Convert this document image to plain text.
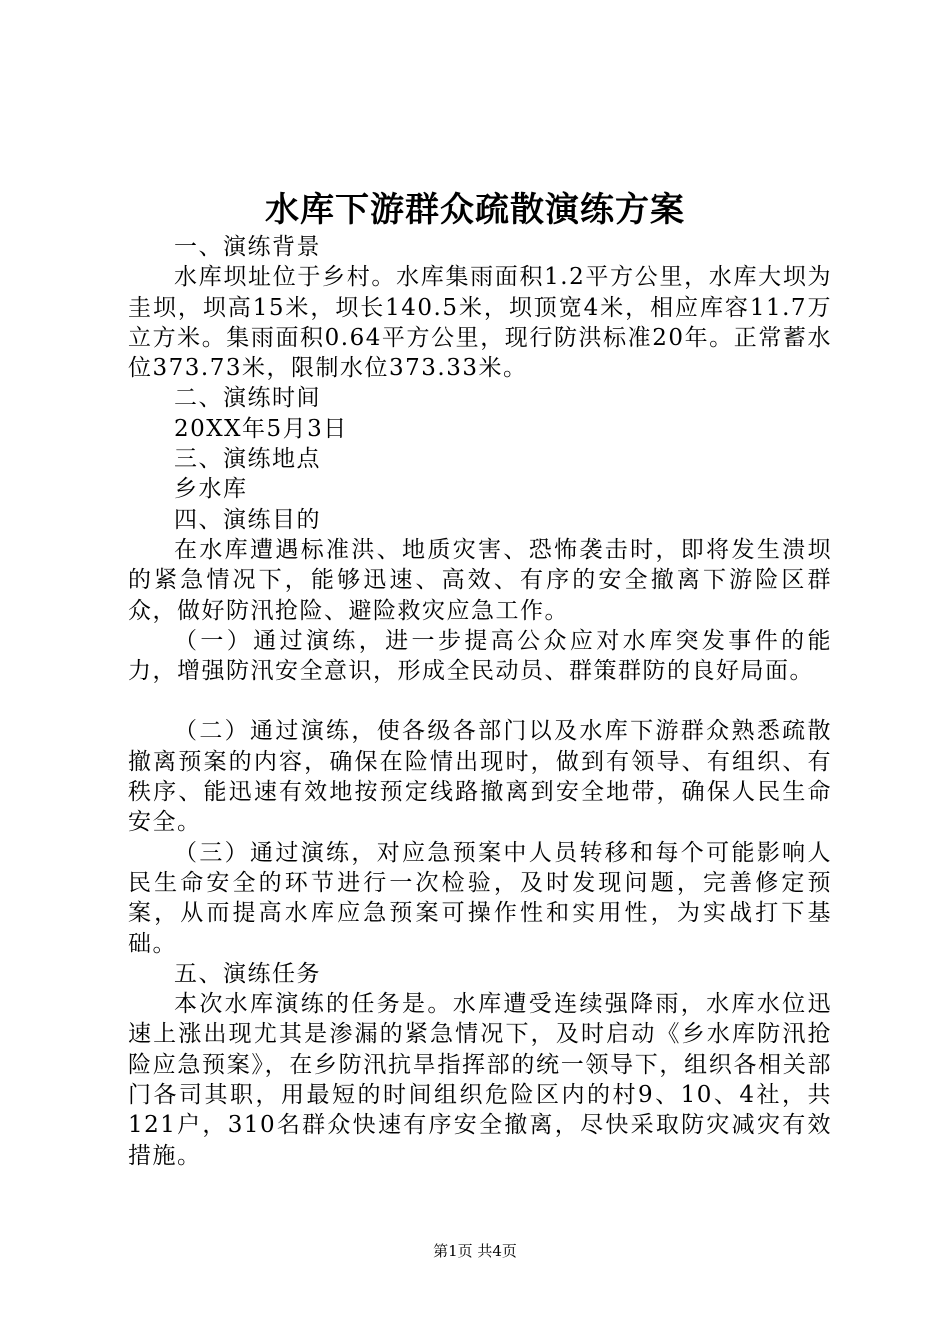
水库下游群众疏散演练方案

一、演练背景

水库坝址位于乡村。水库集雨面积1.2平方公里，水库大坝为圭坝，坝高15米，坝长140.5米，坝顶宽4米，相应库容11.7万立方米。集雨面积0.64平方公里，现行防洪标准20年。正常蓄水位373.73米，限制水位373.33米。

二、演练时间

20XX年5月3日

三、演练地点

乡水库

四、演练目的

在水库遭遇标准洪、地质灾害、恐怖袭击时，即将发生溃坝的紧急情况下，能够迅速、高效、有序的安全撤离下游险区群众，做好防汛抢险、避险救灾应急工作。

（一）通过演练，进一步提高公众应对水库突发事件的能力，增强防汛安全意识，形成全民动员、群策群防的良好局面。

（二）通过演练，使各级各部门以及水库下游群众熟悉疏散撤离预案的内容，确保在险情出现时，做到有领导、有组织、有秩序、能迅速有效地按预定线路撤离到安全地带，确保人民生命安全。

（三）通过演练，对应急预案中人员转移和每个可能影响人民生命安全的环节进行一次检验，及时发现问题，完善修定预案，从而提高水库应急预案可操作性和实用性，为实战打下基础。

五、演练任务

本次水库演练的任务是。水库遭受连续强降雨，水库水位迅速上涨出现尤其是渗漏的紧急情况下，及时启动《乡水库防汛抢险应急预案》，在乡防汛抗旱指挥部的统一领导下，组织各相关部门各司其职，用最短的时间组织危险区内的村9、10、4社，共121户，310名群众快速有序安全撤离，尽快采取防灾减灾有效措施。

第1页 共4页
